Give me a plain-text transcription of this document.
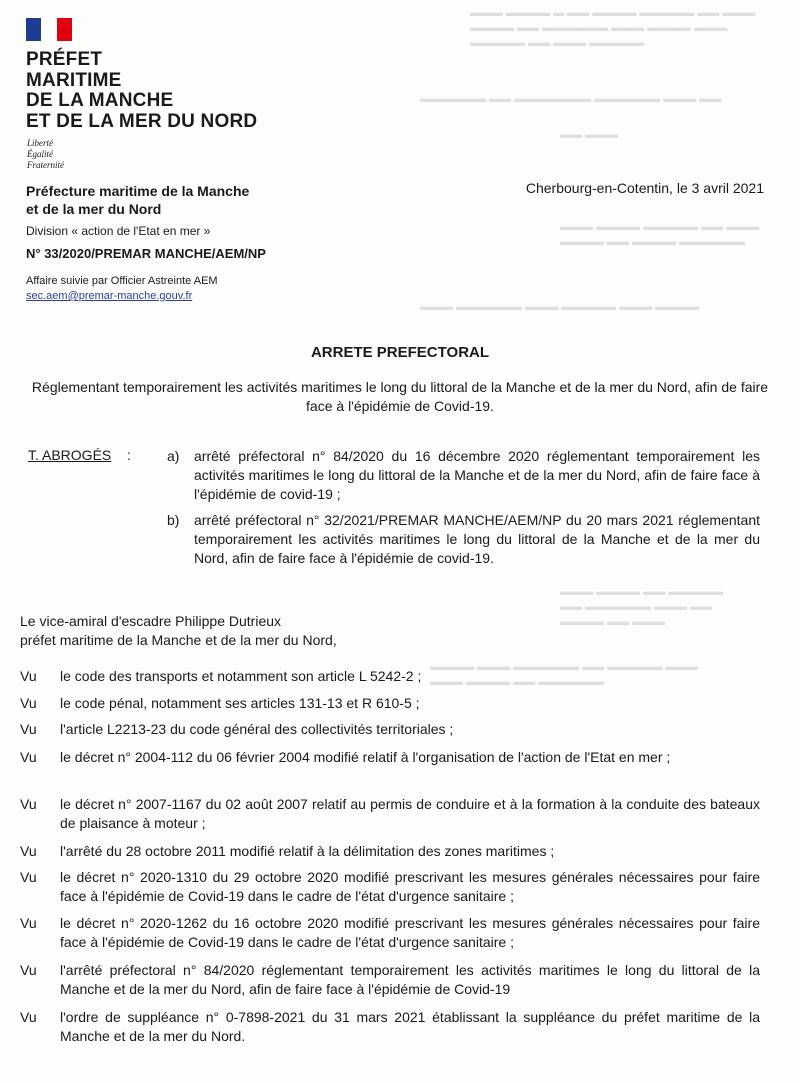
▬▬▬ ▬▬▬▬ ▬ ▬▬ ▬▬▬▬ ▬▬▬▬▬ ▬▬ ▬▬▬
▬▬▬▬ ▬▬ ▬▬▬▬▬▬ ▬▬▬ ▬▬▬▬ ▬▬▬
▬▬▬▬▬ ▬▬ ▬▬▬ ▬▬▬▬▬
▬▬▬▬▬▬ ▬▬ ▬▬▬▬▬▬▬ ▬▬▬▬▬▬ ▬▬▬ ▬▬
▬▬ ▬▬▬
▬▬▬ ▬▬▬▬ ▬▬▬▬▬ ▬▬ ▬▬▬
▬▬▬▬ ▬▬ ▬▬▬▬ ▬▬▬▬▬▬
▬▬▬ ▬▬▬▬▬▬ ▬▬▬ ▬▬▬▬▬ ▬▬▬ ▬▬▬▬
▬▬▬ ▬▬▬▬ ▬▬ ▬▬▬▬▬
▬▬ ▬▬▬▬▬▬ ▬▬▬ ▬▬
▬▬▬▬ ▬▬ ▬▬▬
▬▬▬▬ ▬▬▬ ▬▬▬▬▬▬ ▬▬ ▬▬▬▬▬ ▬▬▬
▬▬▬ ▬▬▬▬ ▬▬ ▬▬▬▬▬▬
PRÉFET
MARITIME
DE LA MANCHE
ET DE LA MER DU NORD
Liberté
Égalité
Fraternité
Préfecture maritime de la Manche
et de la mer du Nord
Cherbourg-en-Cotentin, le 3 avril 2021
Division « action de l'Etat en mer »
N° 33/2020/PREMAR MANCHE/AEM/NP
Affaire suivie par Officier Astreinte AEM
sec.aem@premar-manche.gouv.fr
ARRETE PREFECTORAL
Réglementant temporairement les activités maritimes le long du littoral de la Manche et de la mer du Nord, afin de faire face à l'épidémie de Covid-19.
T. ABROGÉS :	a)	arrêté préfectoral n° 84/2020 du 16 décembre 2020 réglementant temporairement les activités maritimes le long du littoral de la Manche et de la mer du Nord, afin de faire face à l'épidémie de covid-19 ;
b)	arrêté préfectoral n° 32/2021/PREMAR MANCHE/AEM/NP du 20 mars 2021 réglementant temporairement les activités maritimes le long du littoral de la Manche et de la mer du Nord, afin de faire face à l'épidémie de covid-19.
Le vice-amiral d'escadre Philippe Dutrieux
préfet maritime de la Manche et de la mer du Nord,
Vu	le code des transports et notamment son article L 5242-2 ;
Vu	le code pénal, notamment ses articles 131-13 et R 610-5 ;
Vu	l'article L2213-23 du code général des collectivités territoriales ;
Vu	le décret n° 2004-112 du 06 février 2004 modifié relatif à l'organisation de l'action de l'Etat en mer ;
Vu	le décret n° 2007-1167 du 02 août 2007 relatif au permis de conduire et à la formation à la conduite des bateaux de plaisance à moteur ;
Vu	l'arrêté du 28 octobre 2011 modifié relatif à la délimitation des zones maritimes ;
Vu	le décret n° 2020-1310 du 29 octobre 2020 modifié prescrivant les mesures générales nécessaires pour faire face à l'épidémie de Covid-19 dans le cadre de l'état d'urgence sanitaire ;
Vu	le décret n° 2020-1262 du 16 octobre 2020 modifié prescrivant les mesures générales nécessaires pour faire face à l'épidémie de Covid-19 dans le cadre de l'état d'urgence sanitaire ;
Vu	l'arrêté préfectoral n° 84/2020 réglementant temporairement les activités maritimes le long du littoral de la Manche et de la mer du Nord, afin de faire face à l'épidémie de Covid-19
Vu	l'ordre de suppléance n° 0-7898-2021 du 31 mars 2021 établissant la suppléance du préfet maritime de la Manche et de la mer du Nord.
